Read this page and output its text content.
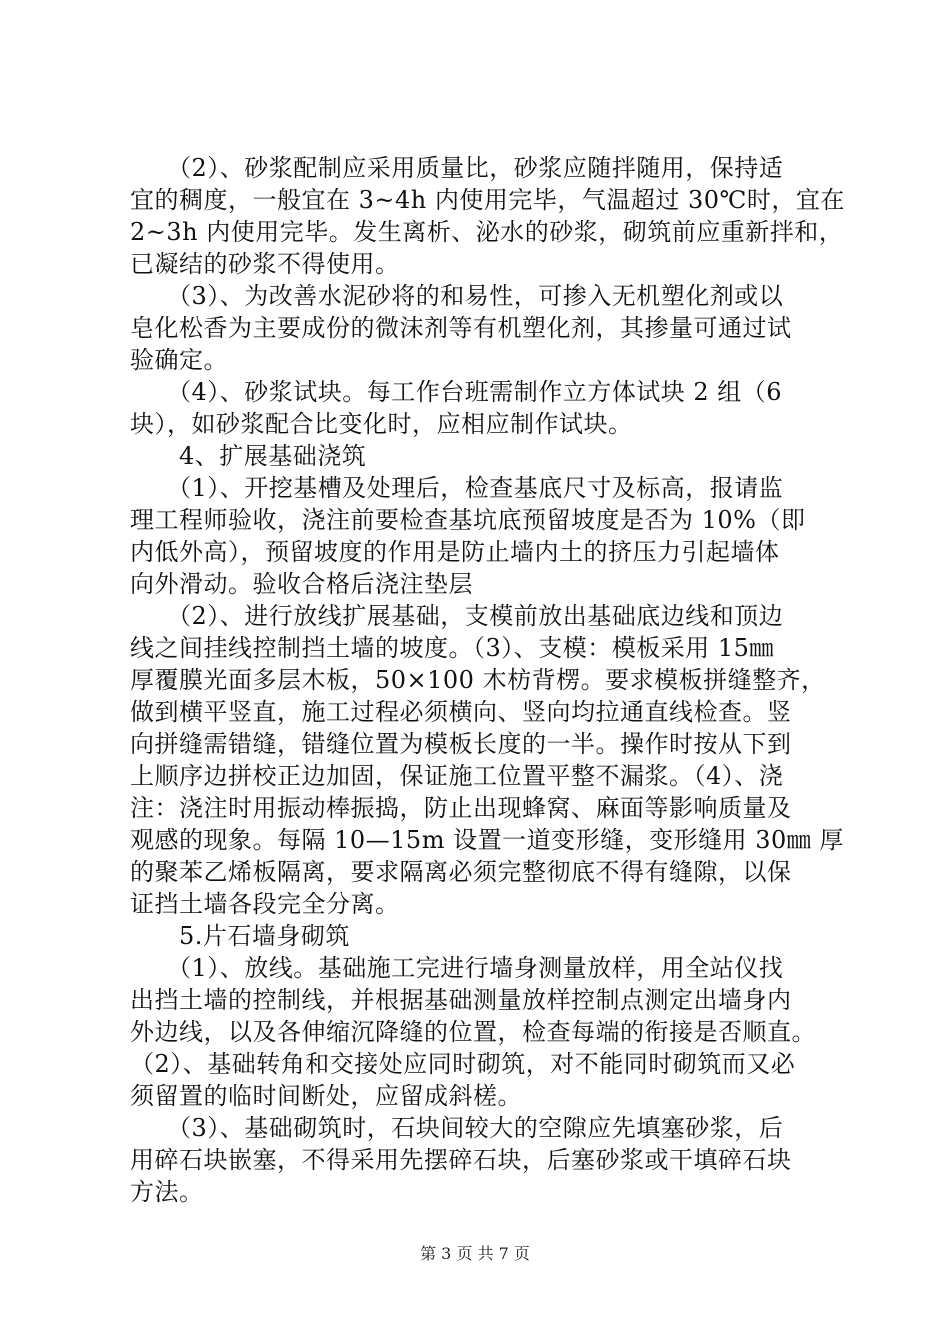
　　（2）、砂浆配制应采用质量比，砂浆应随拌随用，保持适
宜的稠度，一般宜在 3~4h 内使用完毕，气温超过 30℃时，宜在
2~3h 内使用完毕。发生离析、泌水的砂浆，砌筑前应重新拌和，
已凝结的砂浆不得使用。
　　（3）、为改善水泥砂将的和易性，可掺入无机塑化剂或以
皂化松香为主要成份的微沫剂等有机塑化剂，其掺量可通过试
验确定。
　　（4）、砂浆试块。每工作台班需制作立方体试块 2 组（6
块），如砂浆配合比变化时，应相应制作试块。
　　4、扩展基础浇筑
　　（1）、开挖基槽及处理后，检查基底尺寸及标高，报请监
理工程师验收，浇注前要检查基坑底预留坡度是否为 10%（即
内低外高），预留坡度的作用是防止墙内土的挤压力引起墙体
向外滑动。验收合格后浇注垫层
　　（2）、进行放线扩展基础，支模前放出基础底边线和顶边
线之间挂线控制挡土墙的坡度。（3）、支模：模板采用 15㎜
厚覆膜光面多层木板，50×100 木枋背楞。要求模板拼缝整齐，
做到横平竖直，施工过程必须横向、竖向均拉通直线检查。竖
向拼缝需错缝，错缝位置为模板长度的一半。操作时按从下到
上顺序边拼校正边加固，保证施工位置平整不漏浆。（4）、浇
注：浇注时用振动棒振捣，防止出现蜂窝、麻面等影响质量及
观感的现象。每隔 10—15m 设置一道变形缝，变形缝用 30㎜ 厚
的聚苯乙烯板隔离，要求隔离必须完整彻底不得有缝隙，以保
证挡土墙各段完全分离。
　　5.片石墙身砌筑
　　（1）、放线。基础施工完进行墙身测量放样，用全站仪找
出挡土墙的控制线，并根据基础测量放样控制点测定出墙身内
外边线，以及各伸缩沉降缝的位置，检查每端的衔接是否顺直。
（2）、基础转角和交接处应同时砌筑，对不能同时砌筑而又必
须留置的临时间断处，应留成斜槎。
　　（3）、基础砌筑时，石块间较大的空隙应先填塞砂浆，后
用碎石块嵌塞，不得采用先摆碎石块，后塞砂浆或干填碎石块
方法。
第 3 页 共 7 页
